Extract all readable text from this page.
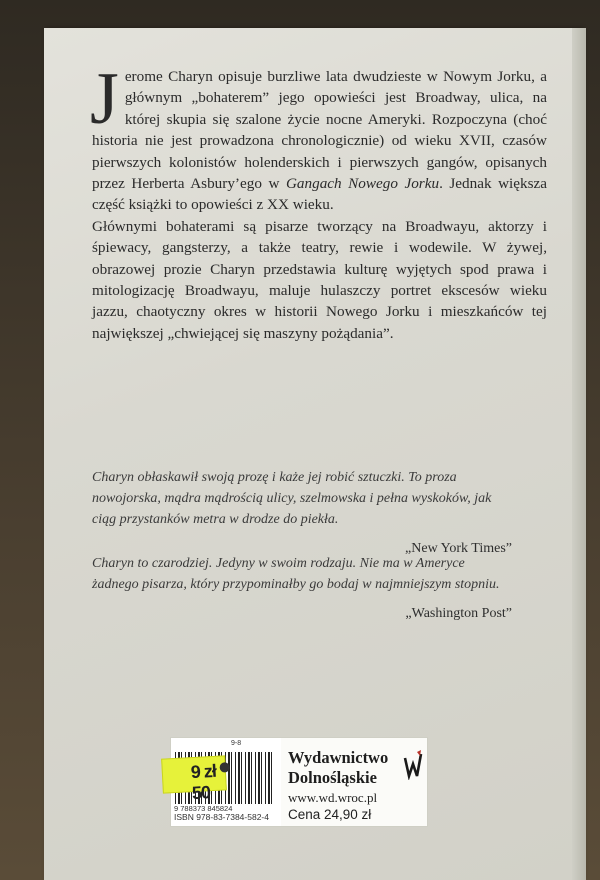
Jerome Charyn opisuje burzliwe lata dwudzieste w Nowym Jorku, a głównym „bohaterem” jego opowieści jest Broadway, ulica, na której skupia się szalone życie nocne Ameryki. Rozpoczyna (choć historia nie jest prowadzona chronologicznie) od wieku XVII, czasów pierwszych kolonistów holenderskich i pierwszych gangów, opisanych przez Herberta Asbury’ego w Gangach Nowego Jorku. Jednak większa część książki to opowieści z XX wieku.

Głównymi bohaterami są pisarze tworzący na Broadwayu, aktorzy i śpiewacy, gangsterzy, a także teatry, rewie i wodewile. W żywej, obrazowej prozie Charyn przedstawia kulturę wyjętych spod prawa i mitologizację Broadwayu, maluje hulaszczy portret ekscesów wieku jazzu, chaotyczny okres w historii Nowego Jorku i mieszkańców tej największej „chwiejącej się maszyny pożądania”.

Charyn obłaskawił swoją prozę i każe jej robić sztuczki. To proza nowojorska, mądra mądrością ulicy, szelmowska i pełna wyskoków, jak ciąg przystanków metra w drodze do piekła.
„New York Times”
Charyn to czarodziej. Jedyny w swoim rodzaju. Nie ma w Ameryce żadnego pisarza, który przypominałby go bodaj w najmniejszym stopniu.
„Washington Post”
9-8
9 788373 845824
ISBN 978-83-7384-582-4
Wydawnictwo
Dolnośląskie
www.wd.wroc.pl
Cena 24,90 zł
9 zł 50
